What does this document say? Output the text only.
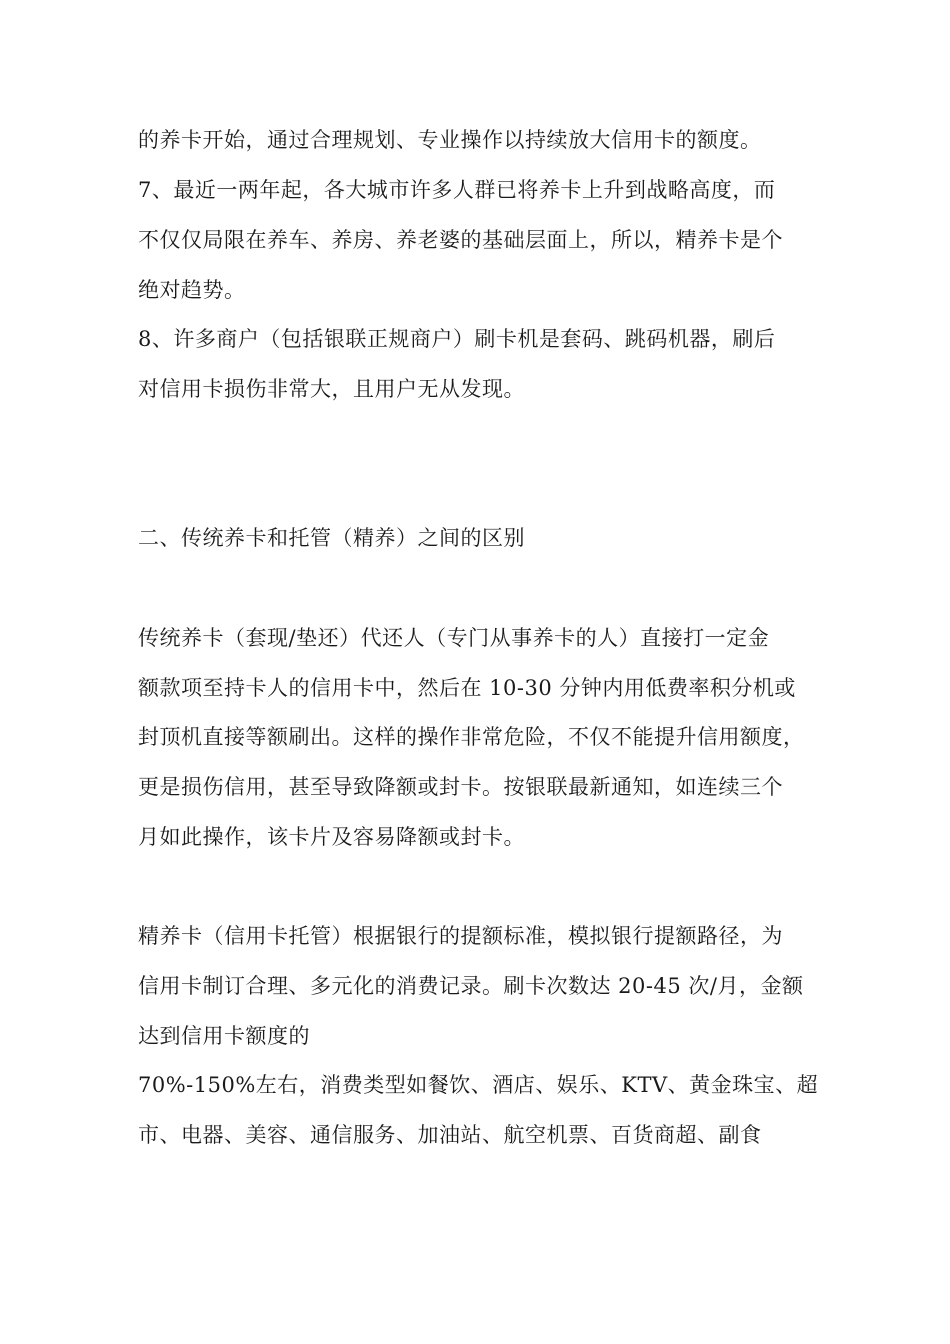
的养卡开始，通过合理规划、专业操作以持续放大信用卡的额度。
7、最近一两年起，各大城市许多人群已将养卡上升到战略高度，而
不仅仅局限在养车、养房、养老婆的基础层面上，所以，精养卡是个
绝对趋势。
8、许多商户（包括银联正规商户）刷卡机是套码、跳码机器，刷后
对信用卡损伤非常大，且用户无从发现。
二、传统养卡和托管（精养）之间的区别
传统养卡（套现/垫还）代还人（专门从事养卡的人）直接打一定金
额款项至持卡人的信用卡中，然后在 10-30 分钟内用低费率积分机或
封顶机直接等额刷出。这样的操作非常危险，不仅不能提升信用额度，
更是损伤信用，甚至导致降额或封卡。按银联最新通知，如连续三个
月如此操作，该卡片及容易降额或封卡。
精养卡（信用卡托管）根据银行的提额标准，模拟银行提额路径，为
信用卡制订合理、多元化的消费记录。刷卡次数达 20-45 次/月，金额
达到信用卡额度的
70%-150%左右，消费类型如餐饮、酒店、娱乐、KTV、黄金珠宝、超
市、电器、美容、通信服务、加油站、航空机票、百货商超、副食
